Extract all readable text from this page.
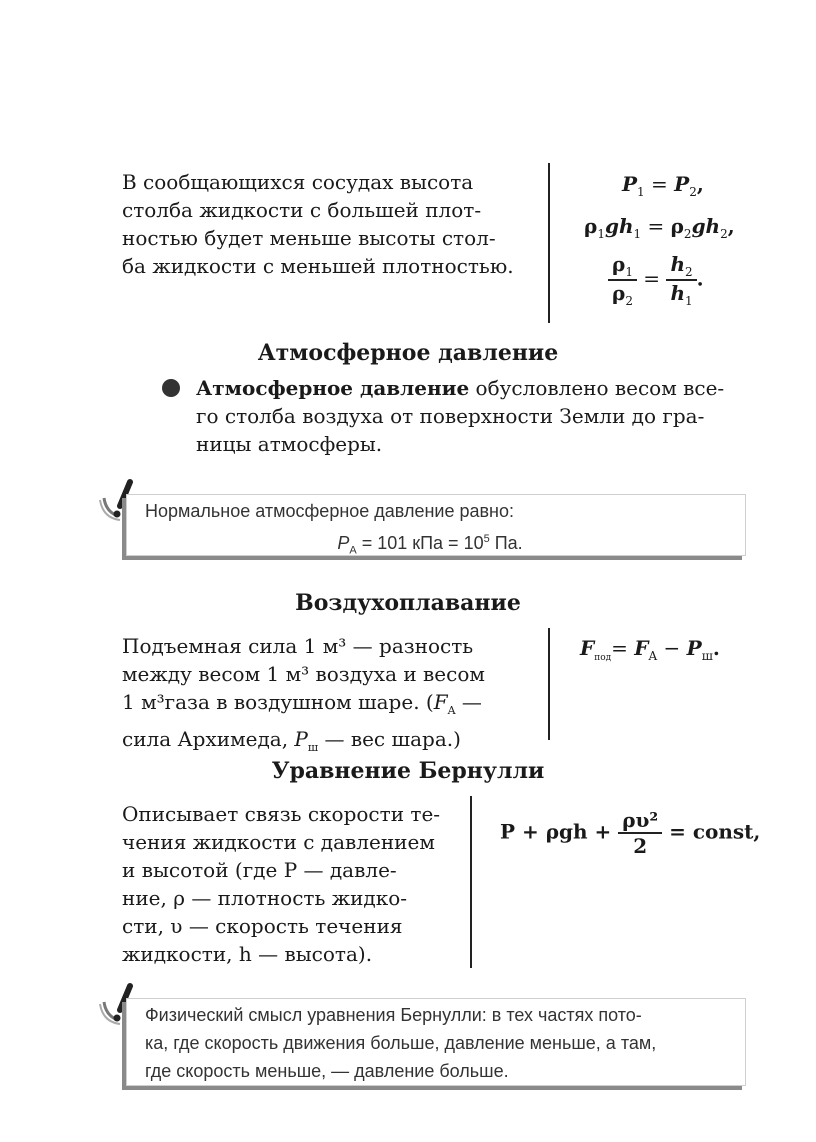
В сообщающихся сосудах высота
столба жидкости с большей плот-
ностью будет меньше высоты стол-
ба жидкости с меньшей плотностью.
$P_1 = P_2$,
$\rho_1gh_1 = \rho_2gh_2$,
$\frac{\rho_1}{\rho_2} = \frac{h_2}{h_1}$ .
Атмосферное давление
Атмосферное давление обусловлено весом все-
го столба воздуха от поверхности Земли до гра-
ницы атмосферы.
Нормальное атмосферное давление равно:
$P_А = 101$ кПа = $10^5$ Па.
Воздухоплавание
Подъемная сила 1 м³ — разность
между весом 1 м³ воздуха и весом
1 м³газа в воздушном шаре. ($F_A$ —
сила Архимеда, $P_ш$ — вес шара.)
$F_{под}= F_A - P_ш$.
Уравнение Бернулли
Описывает связь скорости те-
чения жидкости с давлением
и высотой (где P — давле-
ние, ρ — плотность жидко-
сти, υ — скорость течения
жидкости, h — высота).
$P + \rho gh + \frac{\text{ρυ²}}{2}$ = const,
Физический смысл уравнения Бернулли: в тех частях пото-
ка, где скорость движения больше, давление меньше, а там,
где скорость меньше, — давление больше.
